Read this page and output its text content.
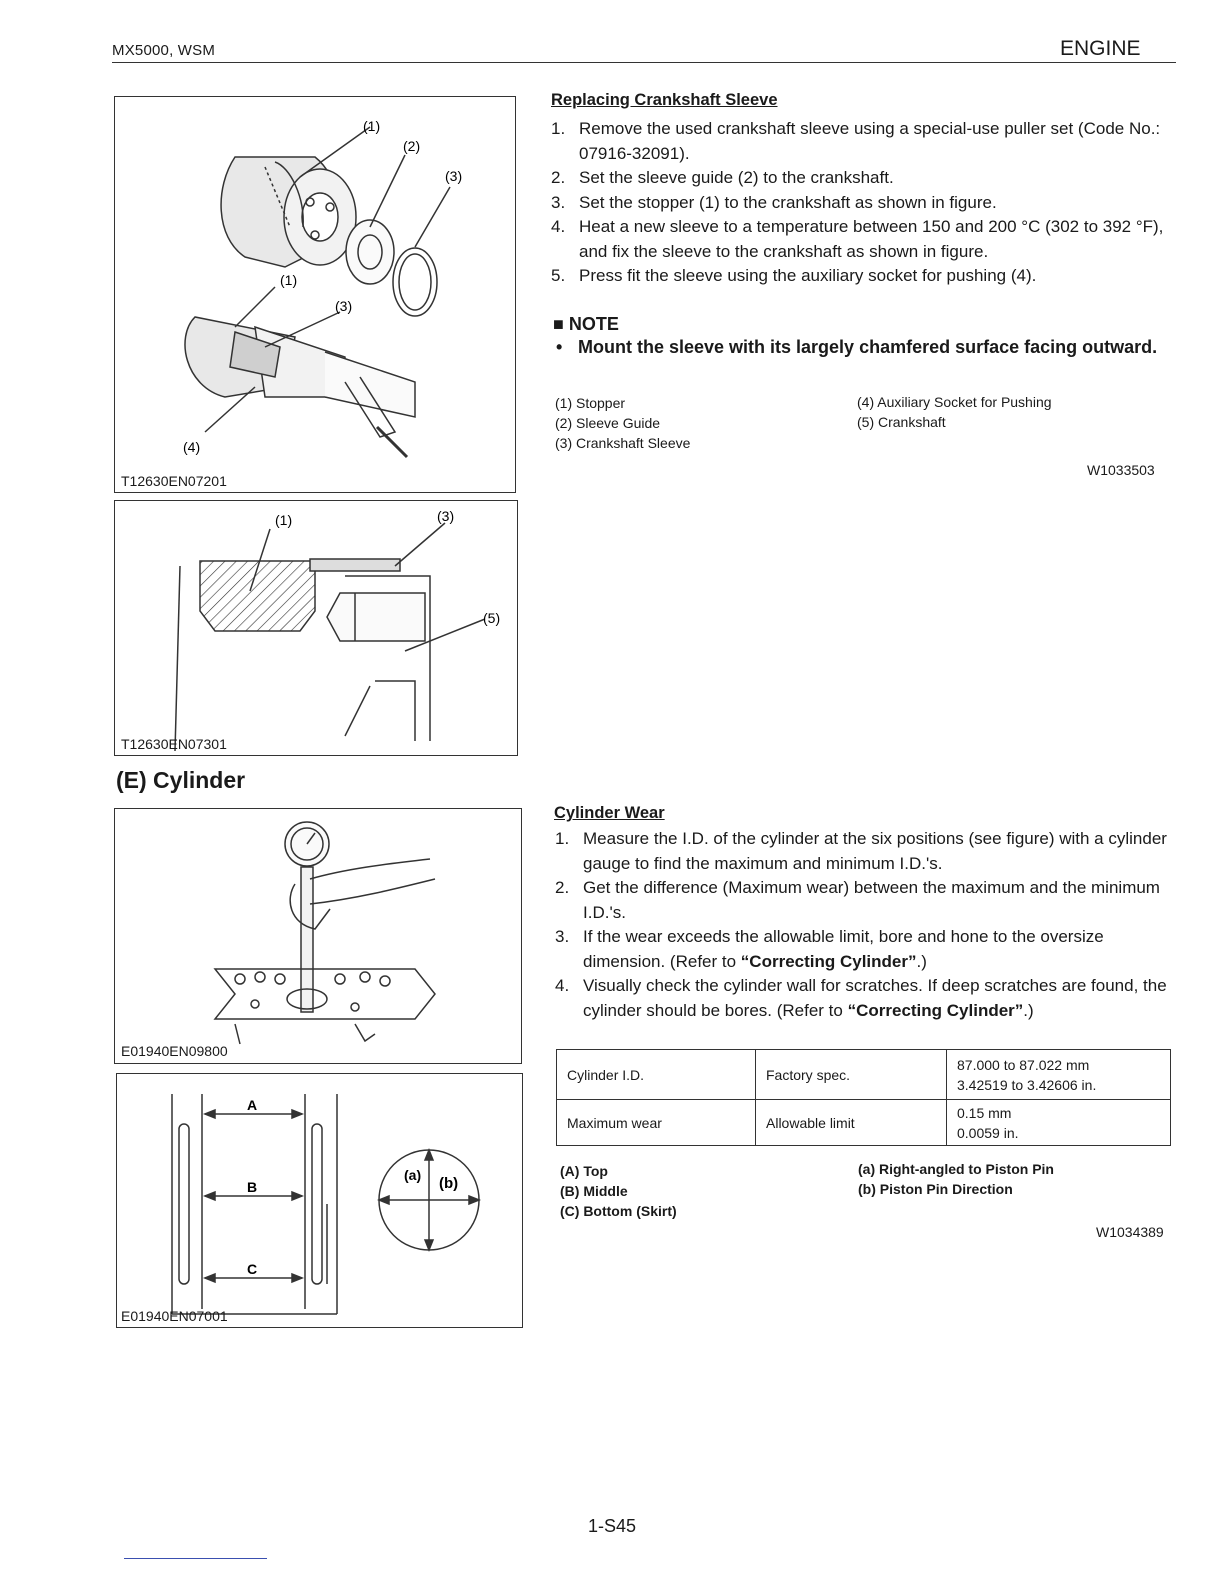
MX5000, WSM	ENGINE
(1)
(2)
(3)
(1)
(3)
(4)
T12630EN07201
(1)	(3)
(5)
T12630EN07301
Replacing Crankshaft Sleeve
1. Remove the used crankshaft sleeve using a special-use puller set (Code No.: 07916-32091).
2. Set the sleeve guide (2) to the crankshaft.
3. Set the stopper (1) to the crankshaft as shown in figure.
4. Heat a new sleeve to a temperature between 150 and 200 °C (302 to 392 °F), and fix the sleeve to the crankshaft as shown in figure.
5. Press fit the sleeve using the auxiliary socket for pushing (4).
■ NOTE
• Mount the sleeve with its largely chamfered surface facing outward.
(1) Stopper
(2) Sleeve Guide
(3) Crankshaft Sleeve
(4) Auxiliary Socket for Pushing
(5) Crankshaft
W1033503
(E) Cylinder
E01940EN09800
A
B
C
(a) (b)
E01940EN07001
Cylinder Wear
1. Measure the I.D. of the cylinder at the six positions (see figure) with a cylinder gauge to find the maximum and minimum I.D.'s.
2. Get the difference (Maximum wear) between the maximum and the minimum I.D.'s.
3. If the wear exceeds the allowable limit, bore and hone to the oversize dimension. (Refer to “Correcting Cylinder”.)
4. Visually check the cylinder wall for scratches. If deep scratches are found, the cylinder should be bores. (Refer to “Correcting Cylinder”.)
Cylinder I.D.	Factory spec.	87.000 to 87.022 mm
3.42519 to 3.42606 in.

Maximum wear	Allowable limit	0.15 mm
0.0059 in.
(A) Top
(B) Middle
(C) Bottom (Skirt)
(a) Right-angled to Piston Pin
(b) Piston Pin Direction
W1034389
1-S45
